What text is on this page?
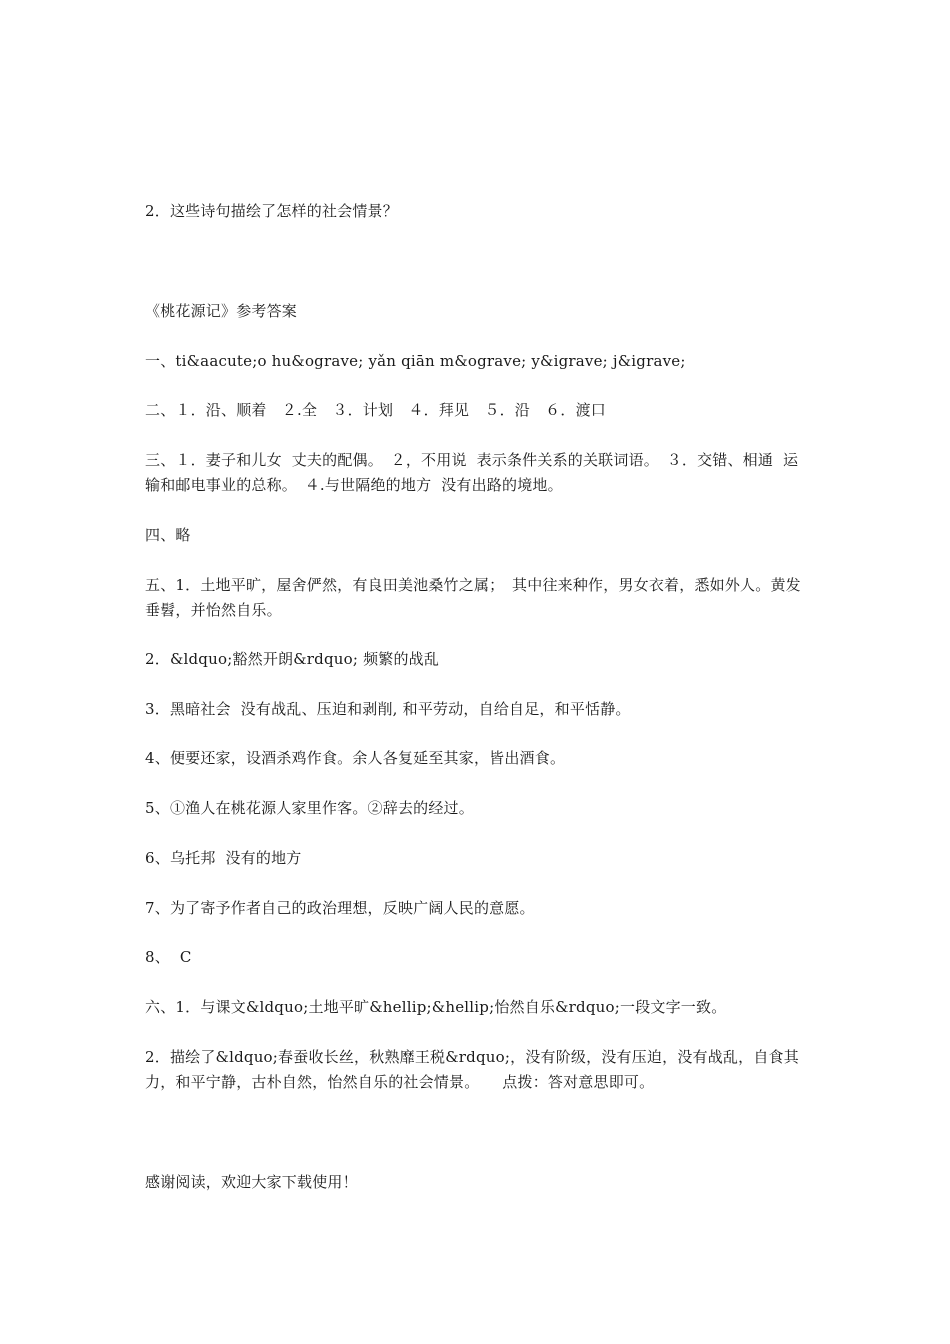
2．这些诗句描绘了怎样的社会情景？

《桃花源记》参考答案

一、ti&aacute;o hu&ograve; yǎn qiān m&ograve; y&igrave; j&igrave;

二、１．沿、顺着　２.全　３．计划　４．拜见　５．沿　６．渡口

三、１．妻子和儿女  丈夫的配偶。　２，不用说  表示条件关系的关联词语。　３．交错、相通  运输和邮电事业的总称。　４.与世隔绝的地方  没有出路的境地。

四、略

五、1．土地平旷，屋舍俨然，有良田美池桑竹之属；　其中往来种作，男女衣着，悉如外人。黄发垂髫，并怡然自乐。

2．&ldquo;豁然开朗&rdquo; 频繁的战乱

3．黑暗社会  没有战乱、压迫和剥削, 和平劳动，自给自足，和平恬静。

4、便要还家，设酒杀鸡作食。余人各复延至其家，皆出酒食。

5、①渔人在桃花源人家里作客。②辞去的经过。

6、乌托邦  没有的地方

7、为了寄予作者自己的政治理想，反映广阔人民的意愿。

8、  C

六、1．与课文&ldquo;土地平旷&hellip;&hellip;怡然自乐&rdquo;一段文字一致。

2．描绘了&ldquo;春蚕收长丝，秋熟靡王税&rdquo;，没有阶级，没有压迫，没有战乱，自食其力，和平宁静，古朴自然，怡然自乐的社会情景。　　点拨：答对意思即可。

感谢阅读，欢迎大家下载使用！
